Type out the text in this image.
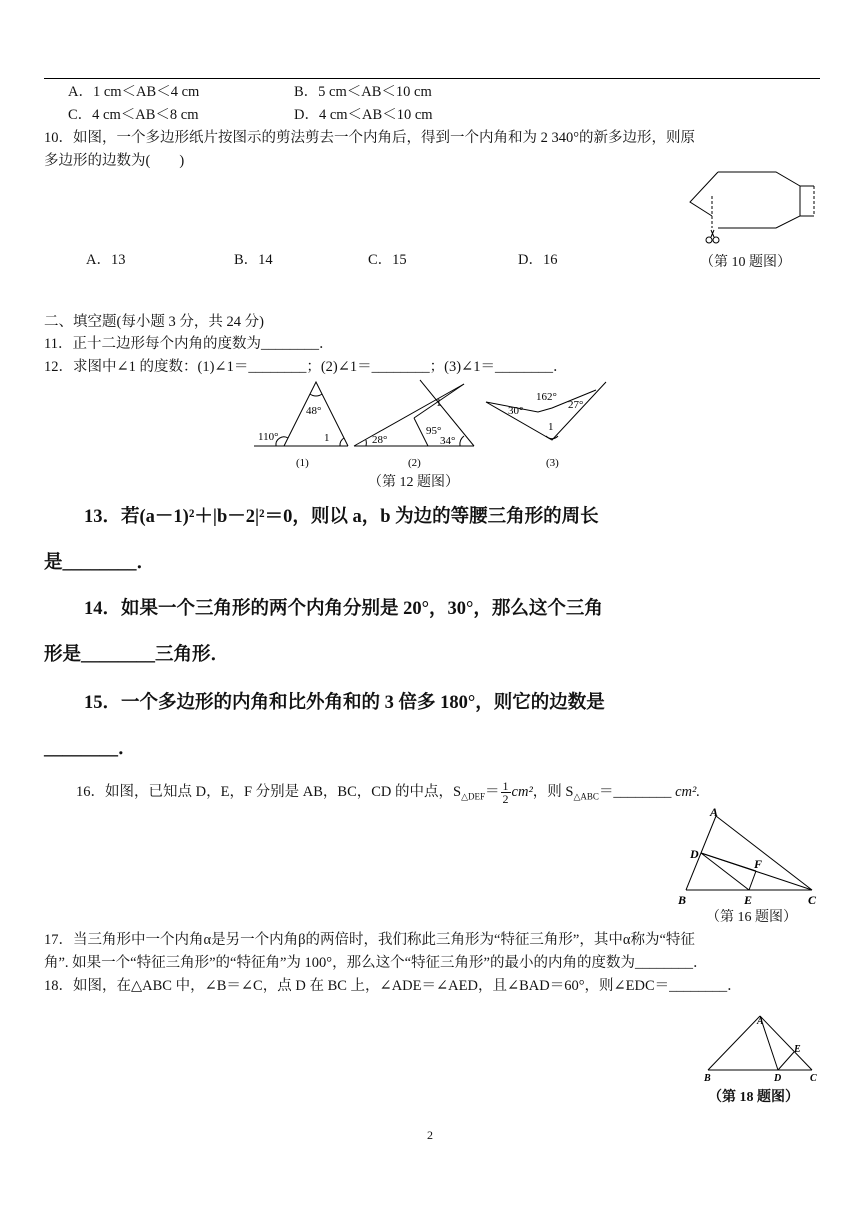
A．1 cm＜AB＜4 cm	B．5 cm＜AB＜10 cm
C．4 cm＜AB＜8 cm	D．4 cm＜AB＜10 cm
10．如图，一个多边形纸片按图示的剪法剪去一个内角后，得到一个内角和为 2 340°的新多边形，则原
多边形的边数为(　　)
A．13	B．14	C．15	D．16	（第 10 题图）
二、填空题(每小题 3 分，共 24 分)
11．正十二边形每个内角的度数为________．
12．求图中∠1 的度数：(1)∠1＝________；(2)∠1＝________；(3)∠1＝________．
48°
110°	1
(1)
28°
95°
34°
1
(2)
30°
162°
27°
1
(3)
（第 12 题图）
13．若(a－1)²＋|b－2|²＝0，则以 a，b 为边的等腰三角形的周长
是________．
14．如果一个三角形的两个内角分别是 20°，30°，那么这个三角
形是________三角形．
15．一个多边形的内角和比外角和的 3 倍多 180°，则它的边数是
________．
16．如图，已知点 D，E，F 分别是 AB，BC，CD 的中点，$S_{\triangle DEF}= \frac{1}{2} cm^2$，则 $S_{\triangle ABC}=\_\_\_\_\_\_\_\_$ cm².
A
D
F
B	E	C
（第 16 题图）
17．当三角形中一个内角α是另一个内角β的两倍时，我们称此三角形为“特征三角形”，其中α称为“特征
角”. 如果一个“特征三角形”的“特征角”为 100°，那么这个“特征三角形”的最小的内角的度数为________．
18．如图，在△ABC 中，∠B＝∠C，点 D 在 BC 上，∠ADE＝∠AED，且∠BAD＝60°，则∠EDC＝________．
A
B	D	C
E
（第 18 题图）
2
